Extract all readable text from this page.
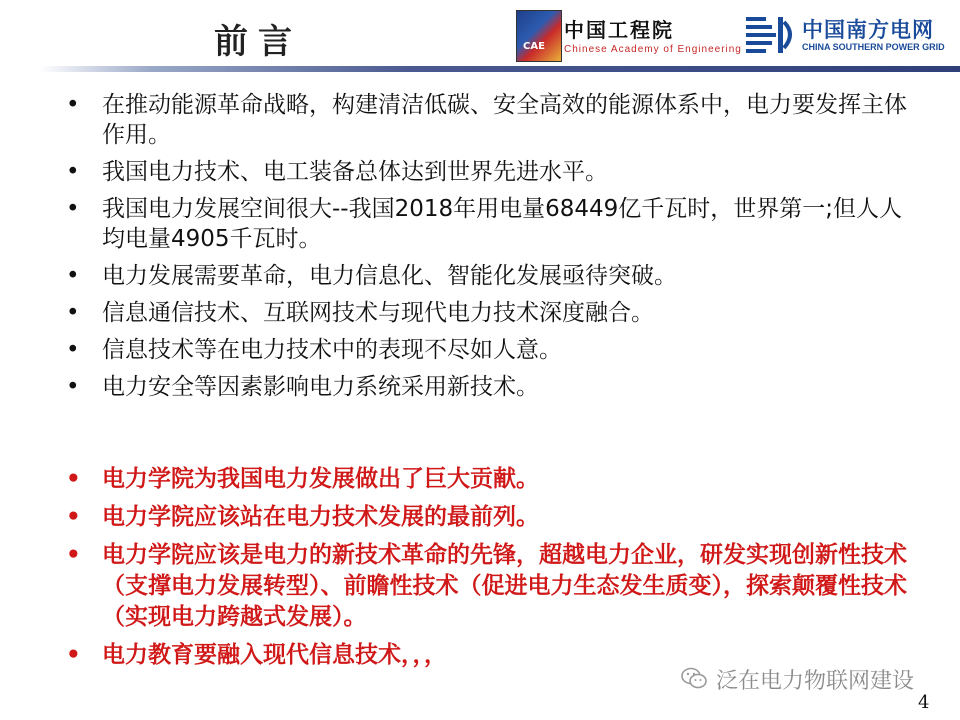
前言	CAE
中国工程院
Chinese Academy of Engineering
中国南方电网
CHINA SOUTHERN POWER GRID
• 在推动能源革命战略，构建清洁低碳、安全高效的能源体系中，电力要发挥主体作用。
• 我国电力技术、电工装备总体达到世界先进水平。
• 我国电力发展空间很大--我国2018年用电量68449亿千瓦时，世界第一;但人人均电量4905千瓦时。
• 电力发展需要革命，电力信息化、智能化发展亟待突破。
• 信息通信技术、互联网技术与现代电力技术深度融合。
• 信息技术等在电力技术中的表现不尽如人意。
• 电力安全等因素影响电力系统采用新技术。
• 电力学院为我国电力发展做出了巨大贡献。
• 电力学院应该站在电力技术发展的最前列。
• 电力学院应该是电力的新技术革命的先锋，超越电力企业，研发实现创新性技术（支撑电力发展转型）、前瞻性技术（促进电力生态发生质变），探索颠覆性技术（实现电力跨越式发展）。
• 电力教育要融入现代信息技术，，，
泛在电力物联网建设
4
